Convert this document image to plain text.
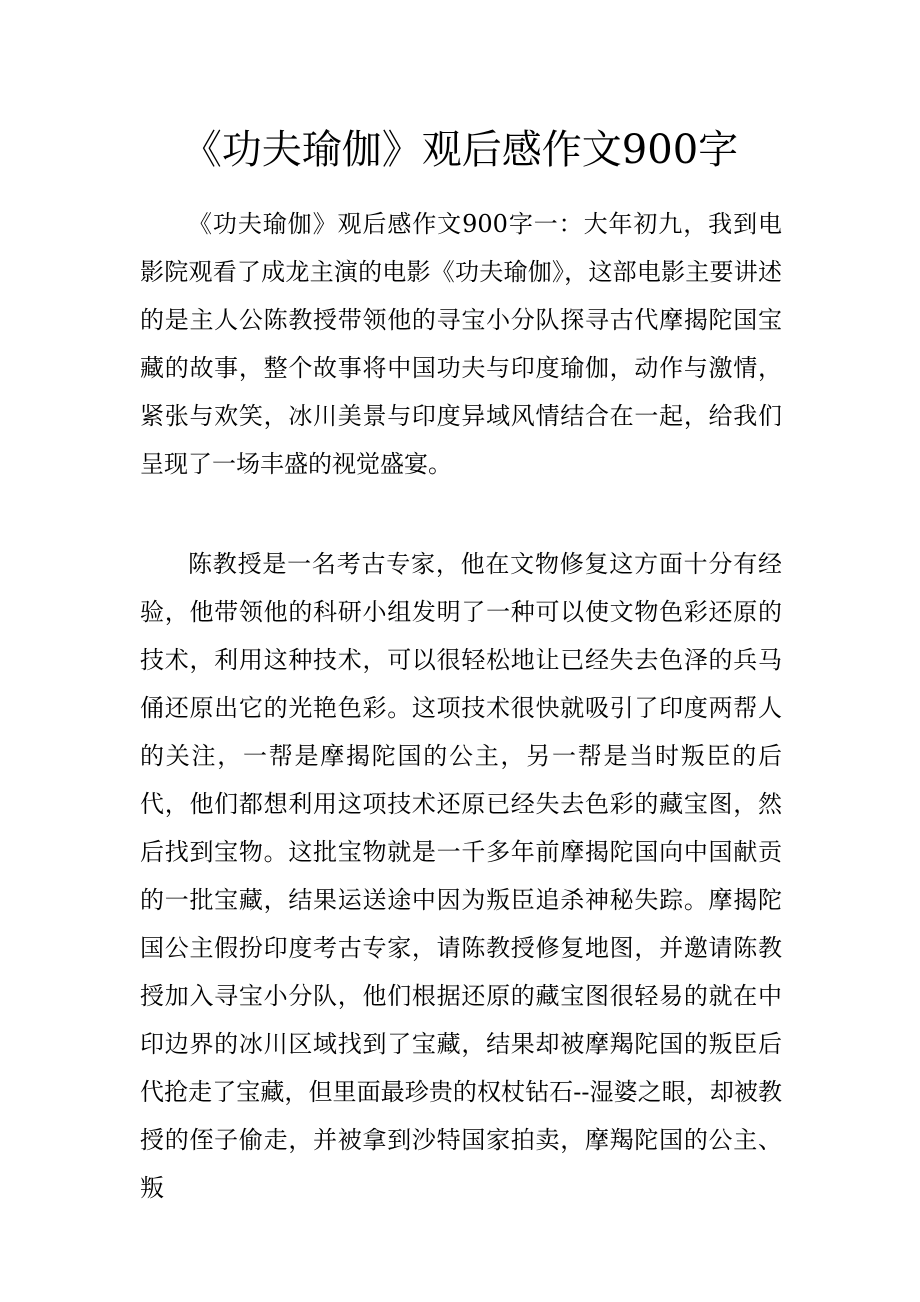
《功夫瑜伽》观后感作文900字

《功夫瑜伽》观后感作文900字一：大年初九，我到电影院观看了成龙主演的电影《功夫瑜伽》，这部电影主要讲述的是主人公陈教授带领他的寻宝小分队探寻古代摩揭陀国宝藏的故事，整个故事将中国功夫与印度瑜伽，动作与激情，紧张与欢笑，冰川美景与印度异域风情结合在一起，给我们呈现了一场丰盛的视觉盛宴。

陈教授是一名考古专家，他在文物修复这方面十分有经验，他带领他的科研小组发明了一种可以使文物色彩还原的技术，利用这种技术，可以很轻松地让已经失去色泽的兵马俑还原出它的光艳色彩。这项技术很快就吸引了印度两帮人的关注，一帮是摩揭陀国的公主，另一帮是当时叛臣的后代，他们都想利用这项技术还原已经失去色彩的藏宝图，然后找到宝物。这批宝物就是一千多年前摩揭陀国向中国献贡的一批宝藏，结果运送途中因为叛臣追杀神秘失踪。摩揭陀国公主假扮印度考古专家，请陈教授修复地图，并邀请陈教授加入寻宝小分队，他们根据还原的藏宝图很轻易的就在中印边界的冰川区域找到了宝藏，结果却被摩羯陀国的叛臣后代抢走了宝藏，但里面最珍贵的权杖钻石--湿婆之眼，却被教授的侄子偷走，并被拿到沙特国家拍卖，摩羯陀国的公主、叛
